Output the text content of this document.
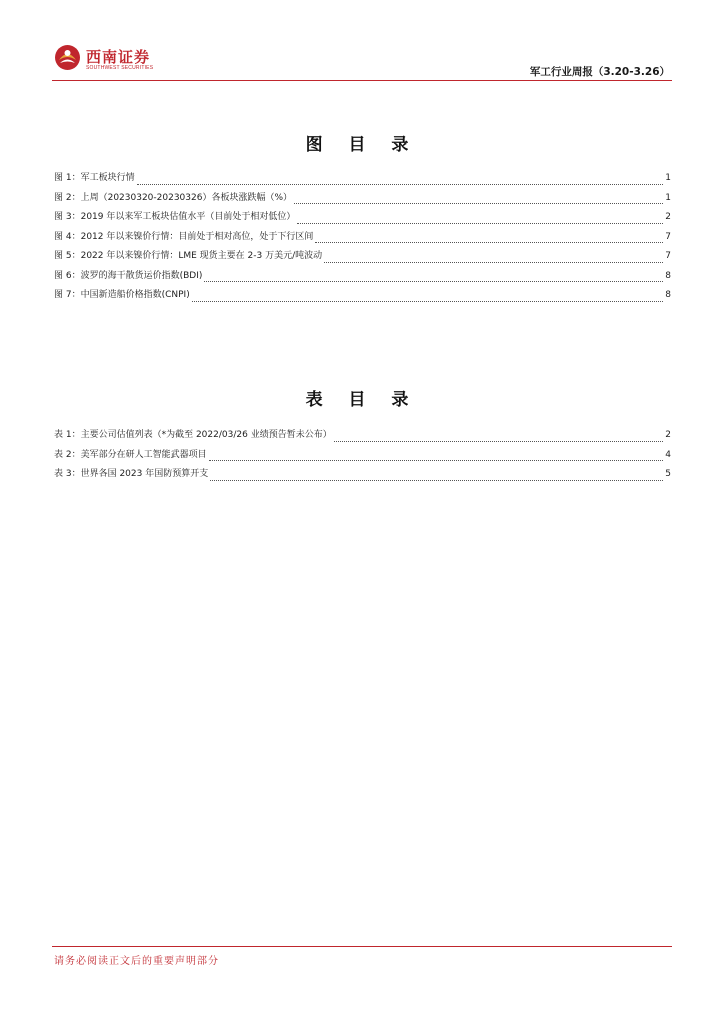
西南证券
SOUTHWEST SECURITIES	军工行业周报（3.20-3.26）
图 目 录
图 1： 军工板块行情	1
图 2： 上周（20230320-20230326）各板块涨跌幅（%）	1
图 3： 2019 年以来军工板块估值水平（目前处于相对低位）	2
图 4： 2012 年以来镍价行情：目前处于相对高位，处于下行区间	7
图 5： 2022 年以来镍价行情：LME 现货主要在 2-3 万美元/吨波动	7
图 6： 波罗的海干散货运价指数(BDI)	8
图 7： 中国新造船价格指数(CNPI)	8
表 目 录
表 1： 主要公司估值列表（*为截至 2022/03/26 业绩预告暂未公布）	2
表 2： 美军部分在研人工智能武器项目	4
表 3： 世界各国 2023 年国防预算开支	5
请务必阅读正文后的重要声明部分
